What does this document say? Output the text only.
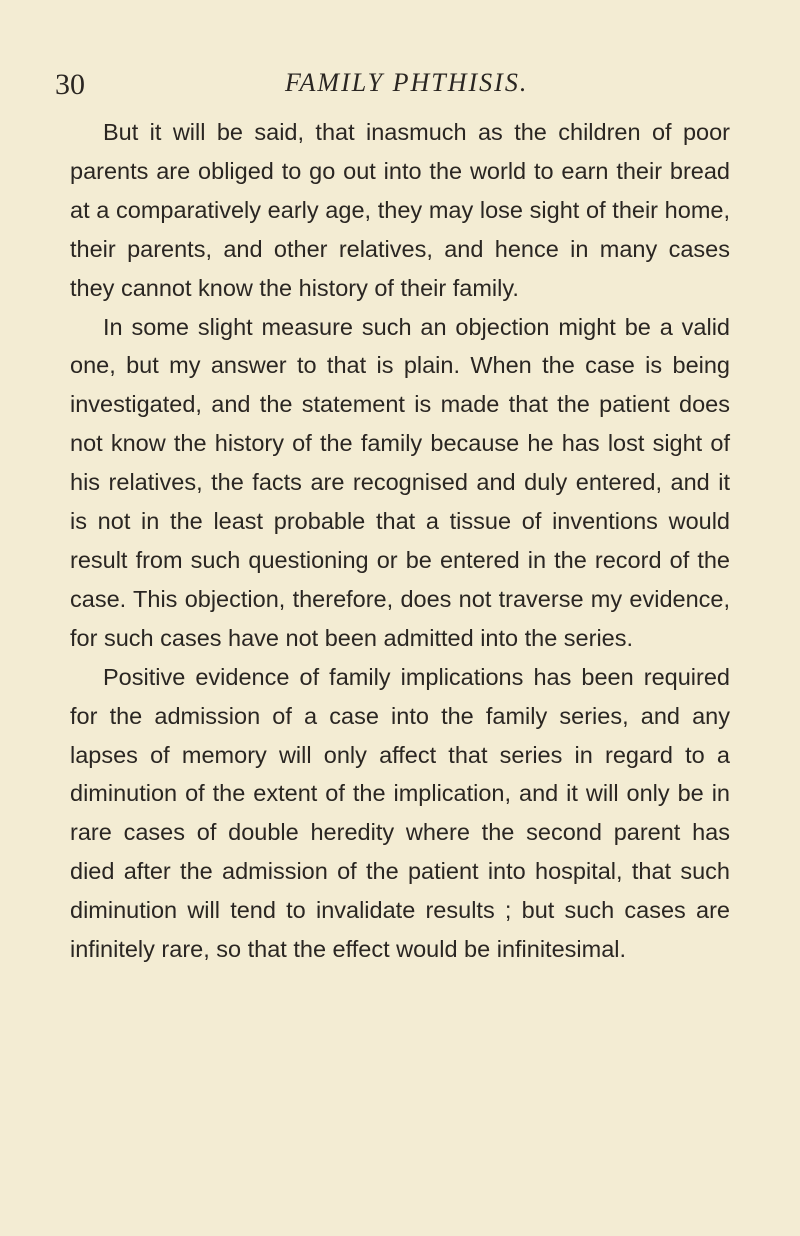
30	FAMILY PHTHISIS.

But it will be said, that inasmuch as the children of poor parents are obliged to go out into the world to earn their bread at a comparatively early age, they may lose sight of their home, their parents, and other relatives, and hence in many cases they cannot know the history of their family.

In some slight measure such an objection might be a valid one, but my answer to that is plain. When the case is being investigated, and the statement is made that the patient does not know the history of the family because he has lost sight of his relatives, the facts are recognised and duly entered, and it is not in the least probable that a tissue of inventions would result from such questioning or be entered in the record of the case. This objection, therefore, does not traverse my evidence, for such cases have not been admitted into the series.

Positive evidence of family implications has been required for the admission of a case into the family series, and any lapses of memory will only affect that series in regard to a diminution of the extent of the implication, and it will only be in rare cases of double heredity where the second parent has died after the admission of the patient into hospital, that such diminution will tend to invalidate results ; but such cases are infinitely rare, so that the effect would be infinitesimal.
